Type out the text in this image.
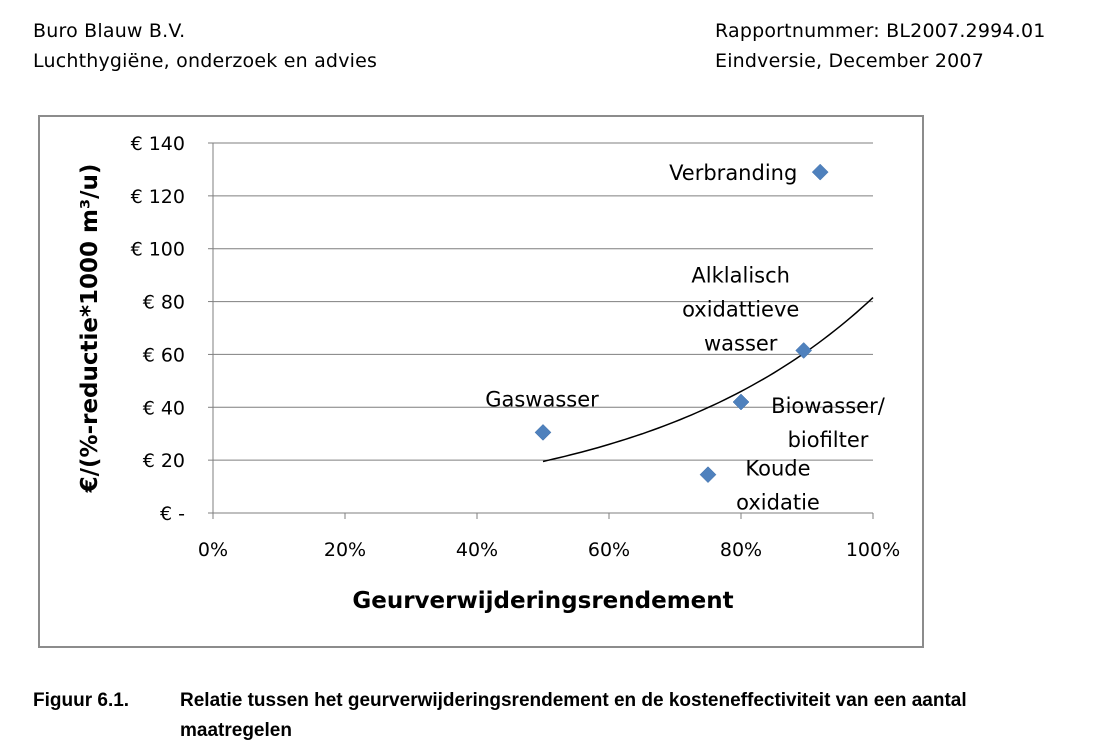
Buro Blauw B.V.
Luchthygiëne, onderzoek en advies
Rapportnummer: BL2007.2994.01
Eindversie, December 2007
€ -
€ 20
€ 40
€ 60
€ 80
€ 100
€ 120
€ 140
0%	20%	40%	60%	80%	100%
Geurverwijderingsrendement
€/(%-reductie*1000 m³/u)	Verbranding
Alklalisch oxidattieve wasser
Biowasser/ biofilter
Gaswasser
Koude oxidatie
Figuur 6.1.	Relatie tussen het geurverwijderingsrendement en de kosteneffectiviteit van een aantal maatregelen
